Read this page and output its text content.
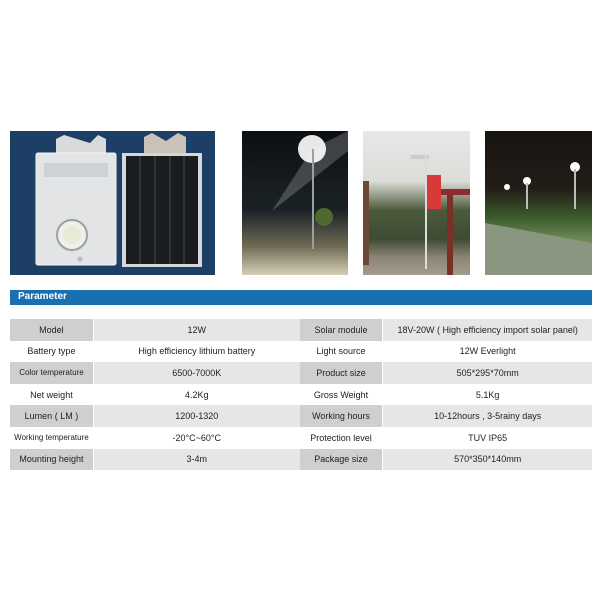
Parameter
Model	12W	Solar module	18V-20W ( High efficiency import solar panel)
Battery type	High efficiency lithium battery	Light source	12W Everlight
Color temperature	6500-7000K	Product size	505*295*70mm
Net weight	4.2Kg	Gross Weight	5.1Kg
Lumen ( LM )	1200-1320	Working hours	10-12hours , 3-5rainy days
Working temperature	-20°C~60°C	Protection level	TUV IP65
Mounting height	3-4m	Package size	570*350*140mm
